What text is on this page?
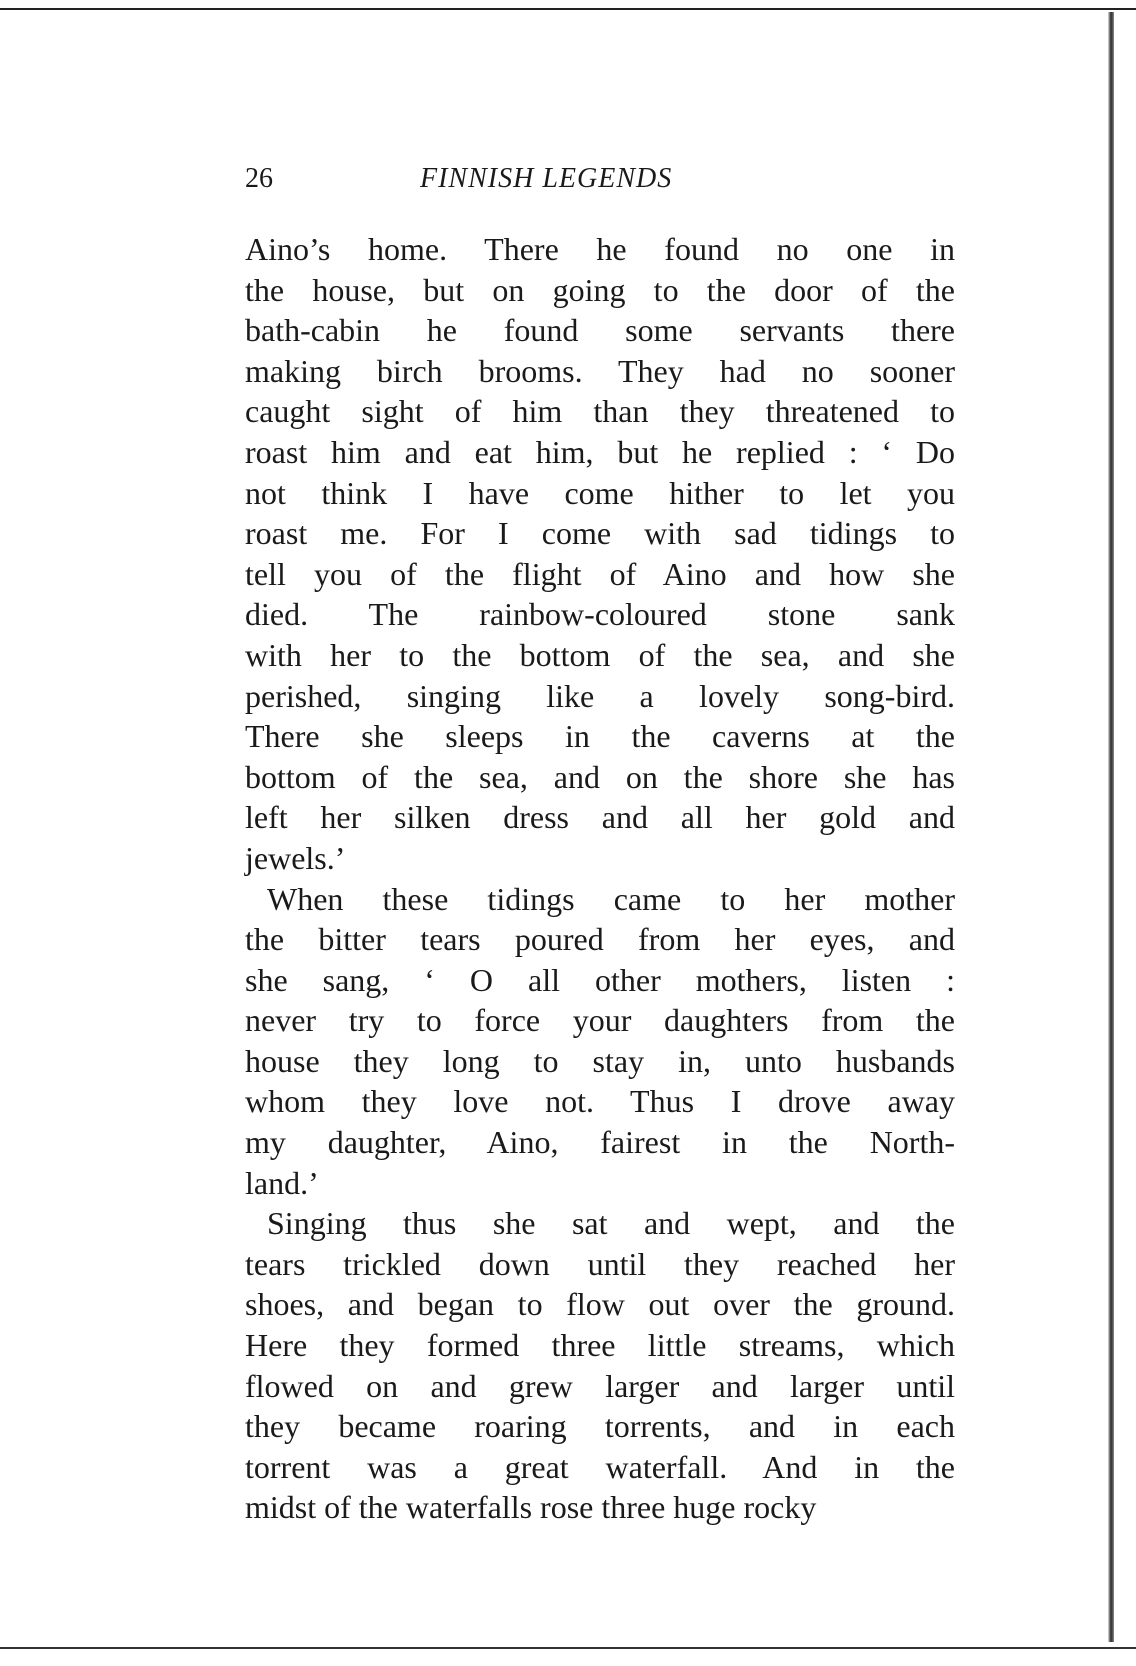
26	FINNISH LEGENDS
Aino’s home. There he found no one in
the house, but on going to the door of the
bath-cabin he found some servants there
making birch brooms. They had no sooner
caught sight of him than they threatened to
roast him and eat him, but he replied : ‘ Do
not think I have come hither to let you
roast me. For I come with sad tidings to
tell you of the flight of Aino and how she
died. The rainbow-coloured stone sank
with her to the bottom of the sea, and she
perished, singing like a lovely song-bird.
There she sleeps in the caverns at the
bottom of the sea, and on the shore she has
left her silken dress and all her gold and
jewels.’
When these tidings came to her mother
the bitter tears poured from her eyes, and
she sang, ‘ O all other mothers, listen :
never try to force your daughters from the
house they long to stay in, unto husbands
whom they love not. Thus I drove away
my daughter, Aino, fairest in the North-
land.’
Singing thus she sat and wept, and the
tears trickled down until they reached her
shoes, and began to flow out over the ground.
Here they formed three little streams, which
flowed on and grew larger and larger until
they became roaring torrents, and in each
torrent was a great waterfall. And in the
midst of the waterfalls rose three huge rocky
